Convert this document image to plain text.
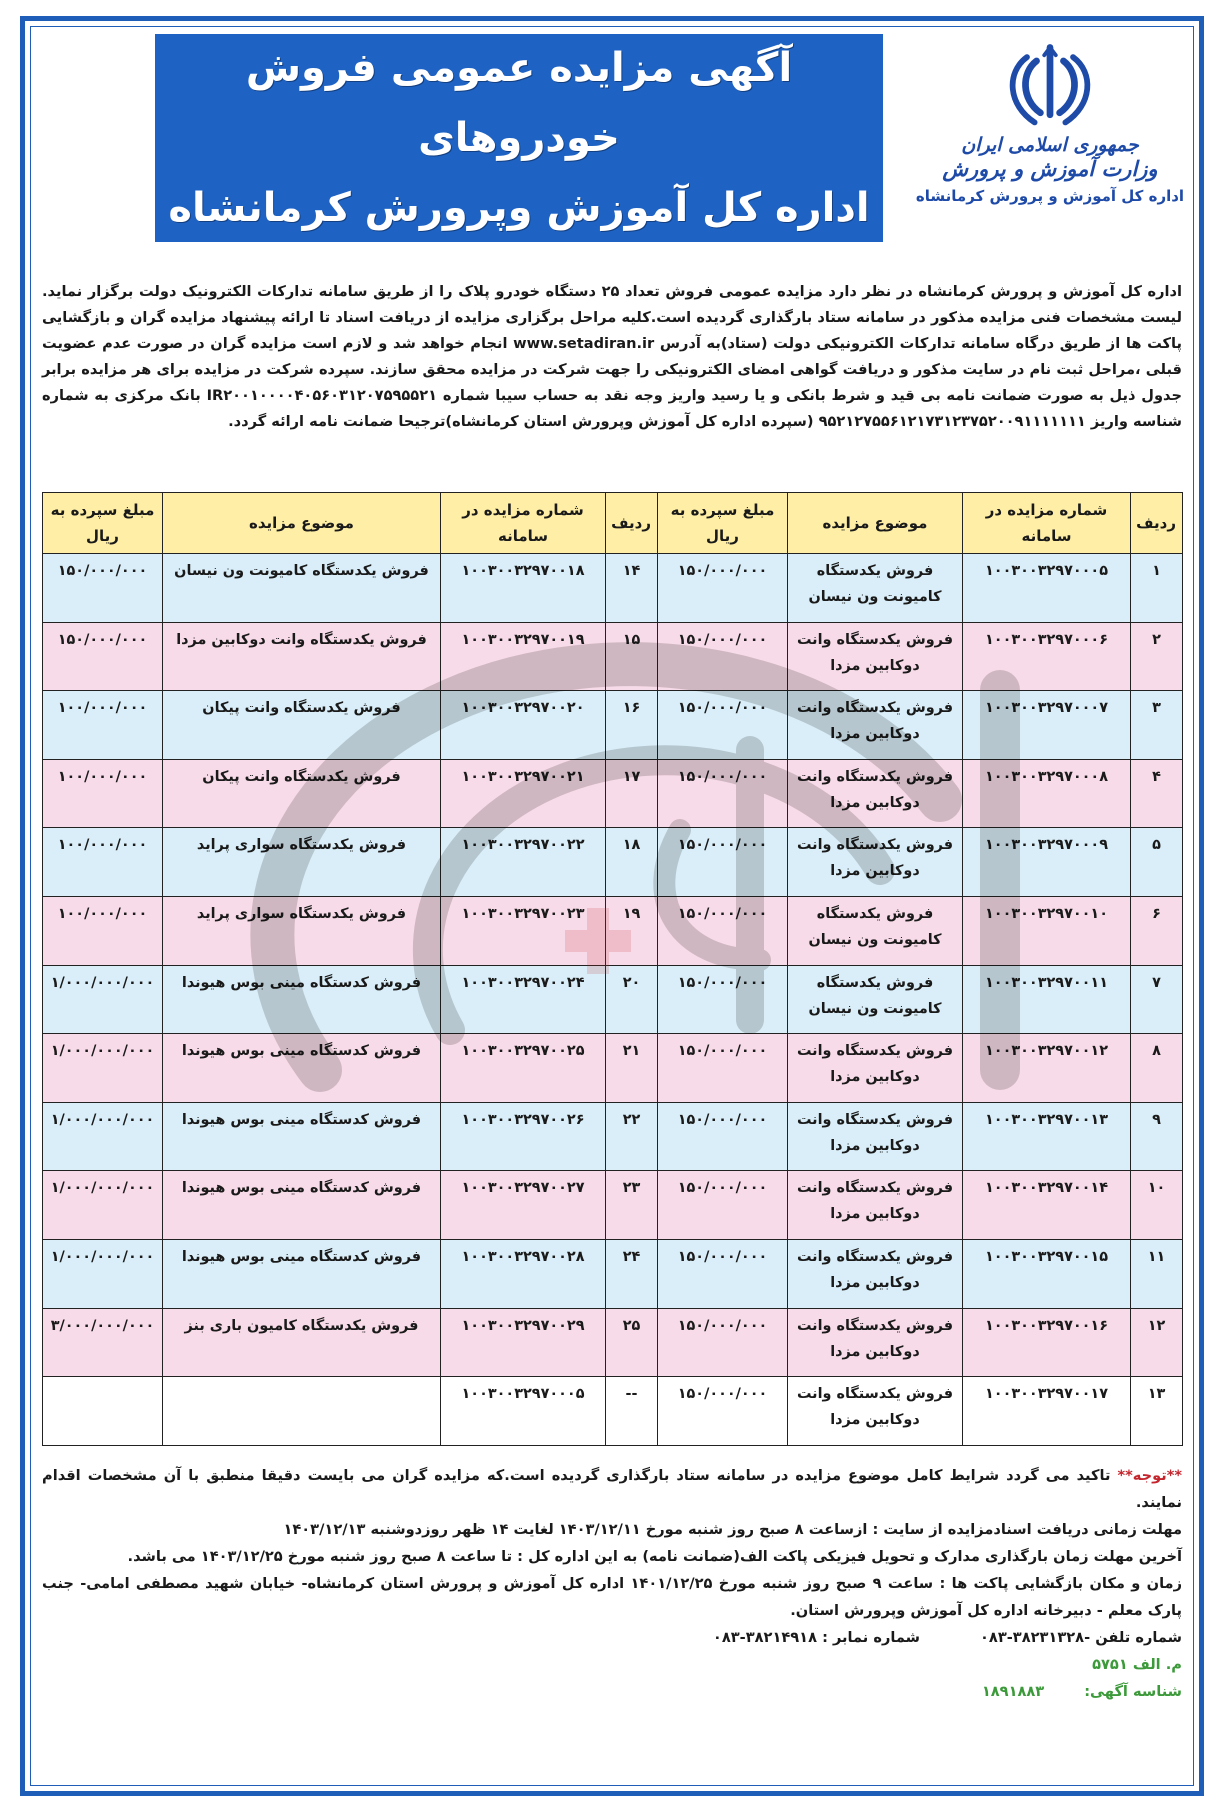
آگهی مزایده عمومی فروش خودروهای
اداره کل آموزش وپرورش کرمانشاه
جمهوری اسلامی ایران
وزارت آموزش و پرورش
اداره کل آموزش و پرورش کرمانشاه
اداره کل آموزش و پرورش کرمانشاه در نظر دارد مزایده عمومی فروش تعداد ۲۵ دستگاه خودرو پلاک را از طریق سامانه تدارکات الکترونیک دولت برگزار نماید. لیست مشخصات فنی مزایده مذکور در سامانه ستاد بارگذاری گردیده است.کلیه مراحل برگزاری مزایده از دریافت اسناد تا ارائه پیشنهاد مزایده گران و بازگشایی پاکت ها از طریق درگاه سامانه تدارکات الکترونیکی دولت (ستاد)به آدرس www.setadiran.ir انجام خواهد شد و لازم است مزایده گران در صورت عدم عضویت قبلی ،مراحل ثبت نام در سایت مذکور و دریافت گواهی امضای الکترونیکی را جهت شرکت در مزایده محقق سازند. سپرده شرکت در مزایده برای هر مزایده برابر جدول ذیل به صورت ضمانت نامه بی قید و شرط بانکی و یا رسید واریز وجه نقد به حساب سیبا شماره IR۲۰۰۱۰۰۰۰۴۰۵۶۰۳۱۲۰۷۵۹۵۵۲۱ بانک مرکزی به شماره شناسه واریز ۹۵۲۱۲۷۵۵۶۱۲۱۷۳۱۲۳۷۵۲۰۰۹۱۱۱۱۱۱۱ (سپرده اداره کل آموزش وپرورش استان کرمانشاه)ترجیحا ضمانت نامه ارائه گردد.
ردیف	شماره مزایده در سامانه	موضوع مزایده	مبلغ سپرده به ریال	ردیف	شماره مزایده در سامانه	موضوع مزایده	مبلغ سپرده به ریال
۱	۱۰۰۳۰۰۳۲۹۷۰۰۰۵	فروش یکدستگاه کامیونت ون نیسان	۱۵۰/۰۰۰/۰۰۰	۱۴	۱۰۰۳۰۰۳۲۹۷۰۰۱۸	فروش یکدستگاه کامیونت ون نیسان	۱۵۰/۰۰۰/۰۰۰
۲	۱۰۰۳۰۰۳۲۹۷۰۰۰۶	فروش یکدستگاه وانت دوکابین مزدا	۱۵۰/۰۰۰/۰۰۰	۱۵	۱۰۰۳۰۰۳۲۹۷۰۰۱۹	فروش یکدستگاه وانت دوکابین مزدا	۱۵۰/۰۰۰/۰۰۰
۳	۱۰۰۳۰۰۳۲۹۷۰۰۰۷	فروش یکدستگاه وانت دوکابین مزدا	۱۵۰/۰۰۰/۰۰۰	۱۶	۱۰۰۳۰۰۳۲۹۷۰۰۲۰	فروش یکدستگاه وانت پیکان	۱۰۰/۰۰۰/۰۰۰
۴	۱۰۰۳۰۰۳۲۹۷۰۰۰۸	فروش یکدستگاه وانت دوکابین مزدا	۱۵۰/۰۰۰/۰۰۰	۱۷	۱۰۰۳۰۰۳۲۹۷۰۰۲۱	فروش یکدستگاه وانت پیکان	۱۰۰/۰۰۰/۰۰۰
۵	۱۰۰۳۰۰۳۲۹۷۰۰۰۹	فروش یکدستگاه وانت دوکابین مزدا	۱۵۰/۰۰۰/۰۰۰	۱۸	۱۰۰۳۰۰۳۲۹۷۰۰۲۲	فروش یکدستگاه سواری پراید	۱۰۰/۰۰۰/۰۰۰
۶	۱۰۰۳۰۰۳۲۹۷۰۰۱۰	فروش یکدستگاه کامیونت ون نیسان	۱۵۰/۰۰۰/۰۰۰	۱۹	۱۰۰۳۰۰۳۲۹۷۰۰۲۳	فروش یکدستگاه سواری پراید	۱۰۰/۰۰۰/۰۰۰
۷	۱۰۰۳۰۰۳۲۹۷۰۰۱۱	فروش یکدستگاه کامیونت ون نیسان	۱۵۰/۰۰۰/۰۰۰	۲۰	۱۰۰۳۰۰۳۲۹۷۰۰۲۴	فروش کدستگاه مینی بوس هیوندا	۱/۰۰۰/۰۰۰/۰۰۰
۸	۱۰۰۳۰۰۳۲۹۷۰۰۱۲	فروش یکدستگاه وانت دوکابین مزدا	۱۵۰/۰۰۰/۰۰۰	۲۱	۱۰۰۳۰۰۳۲۹۷۰۰۲۵	فروش کدستگاه مینی بوس هیوندا	۱/۰۰۰/۰۰۰/۰۰۰
۹	۱۰۰۳۰۰۳۲۹۷۰۰۱۳	فروش یکدستگاه وانت دوکابین مزدا	۱۵۰/۰۰۰/۰۰۰	۲۲	۱۰۰۳۰۰۳۲۹۷۰۰۲۶	فروش کدستگاه مینی بوس هیوندا	۱/۰۰۰/۰۰۰/۰۰۰
۱۰	۱۰۰۳۰۰۳۲۹۷۰۰۱۴	فروش یکدستگاه وانت دوکابین مزدا	۱۵۰/۰۰۰/۰۰۰	۲۳	۱۰۰۳۰۰۳۲۹۷۰۰۲۷	فروش کدستگاه مینی بوس هیوندا	۱/۰۰۰/۰۰۰/۰۰۰
۱۱	۱۰۰۳۰۰۳۲۹۷۰۰۱۵	فروش یکدستگاه وانت دوکابین مزدا	۱۵۰/۰۰۰/۰۰۰	۲۴	۱۰۰۳۰۰۳۲۹۷۰۰۲۸	فروش کدستگاه مینی بوس هیوندا	۱/۰۰۰/۰۰۰/۰۰۰
۱۲	۱۰۰۳۰۰۳۲۹۷۰۰۱۶	فروش یکدستگاه وانت دوکابین مزدا	۱۵۰/۰۰۰/۰۰۰	۲۵	۱۰۰۳۰۰۳۲۹۷۰۰۲۹	فروش یکدستگاه کامیون باری بنز	۳/۰۰۰/۰۰۰/۰۰۰
۱۳	۱۰۰۳۰۰۳۲۹۷۰۰۱۷	فروش یکدستگاه وانت دوکابین مزدا	۱۵۰/۰۰۰/۰۰۰	--	۱۰۰۳۰۰۳۲۹۷۰۰۰۵		
**توجه** تاکید می گردد شرایط کامل موضوع مزایده در سامانه ستاد بارگذاری گردیده است.که مزایده گران می بایست دقیقا منطبق با آن مشخصات اقدام نمایند.
مهلت زمانی دریافت اسنادمزایده از سایت : ازساعت ۸ صبح روز شنبه مورخ ۱۴۰۳/۱۲/۱۱ لغایت ۱۴ ظهر روزدوشنبه ۱۴۰۳/۱۲/۱۳
آخرین مهلت زمان بارگذاری مدارک و تحویل فیزیکی پاکت الف(ضمانت نامه) به این اداره کل : تا ساعت ۸ صبح روز شنبه مورخ ۱۴۰۳/۱۲/۲۵ می باشد.
زمان و مکان بازگشایی پاکت ها : ساعت ۹ صبح روز شنبه مورخ ۱۴۰۱/۱۲/۲۵ اداره کل آموزش و پرورش استان کرمانشاه- خیابان شهید مصطفی امامی- جنب پارک معلم - دبیرخانه اداره کل آموزش وپرورش استان.
شماره تلفن -۳۸۲۳۱۳۲۸-۰۸۳
شماره نمابر : ۳۸۲۱۴۹۱۸-۰۸۳
م. الف ۵۷۵۱
شناسه آگهی:
۱۸۹۱۸۸۳
